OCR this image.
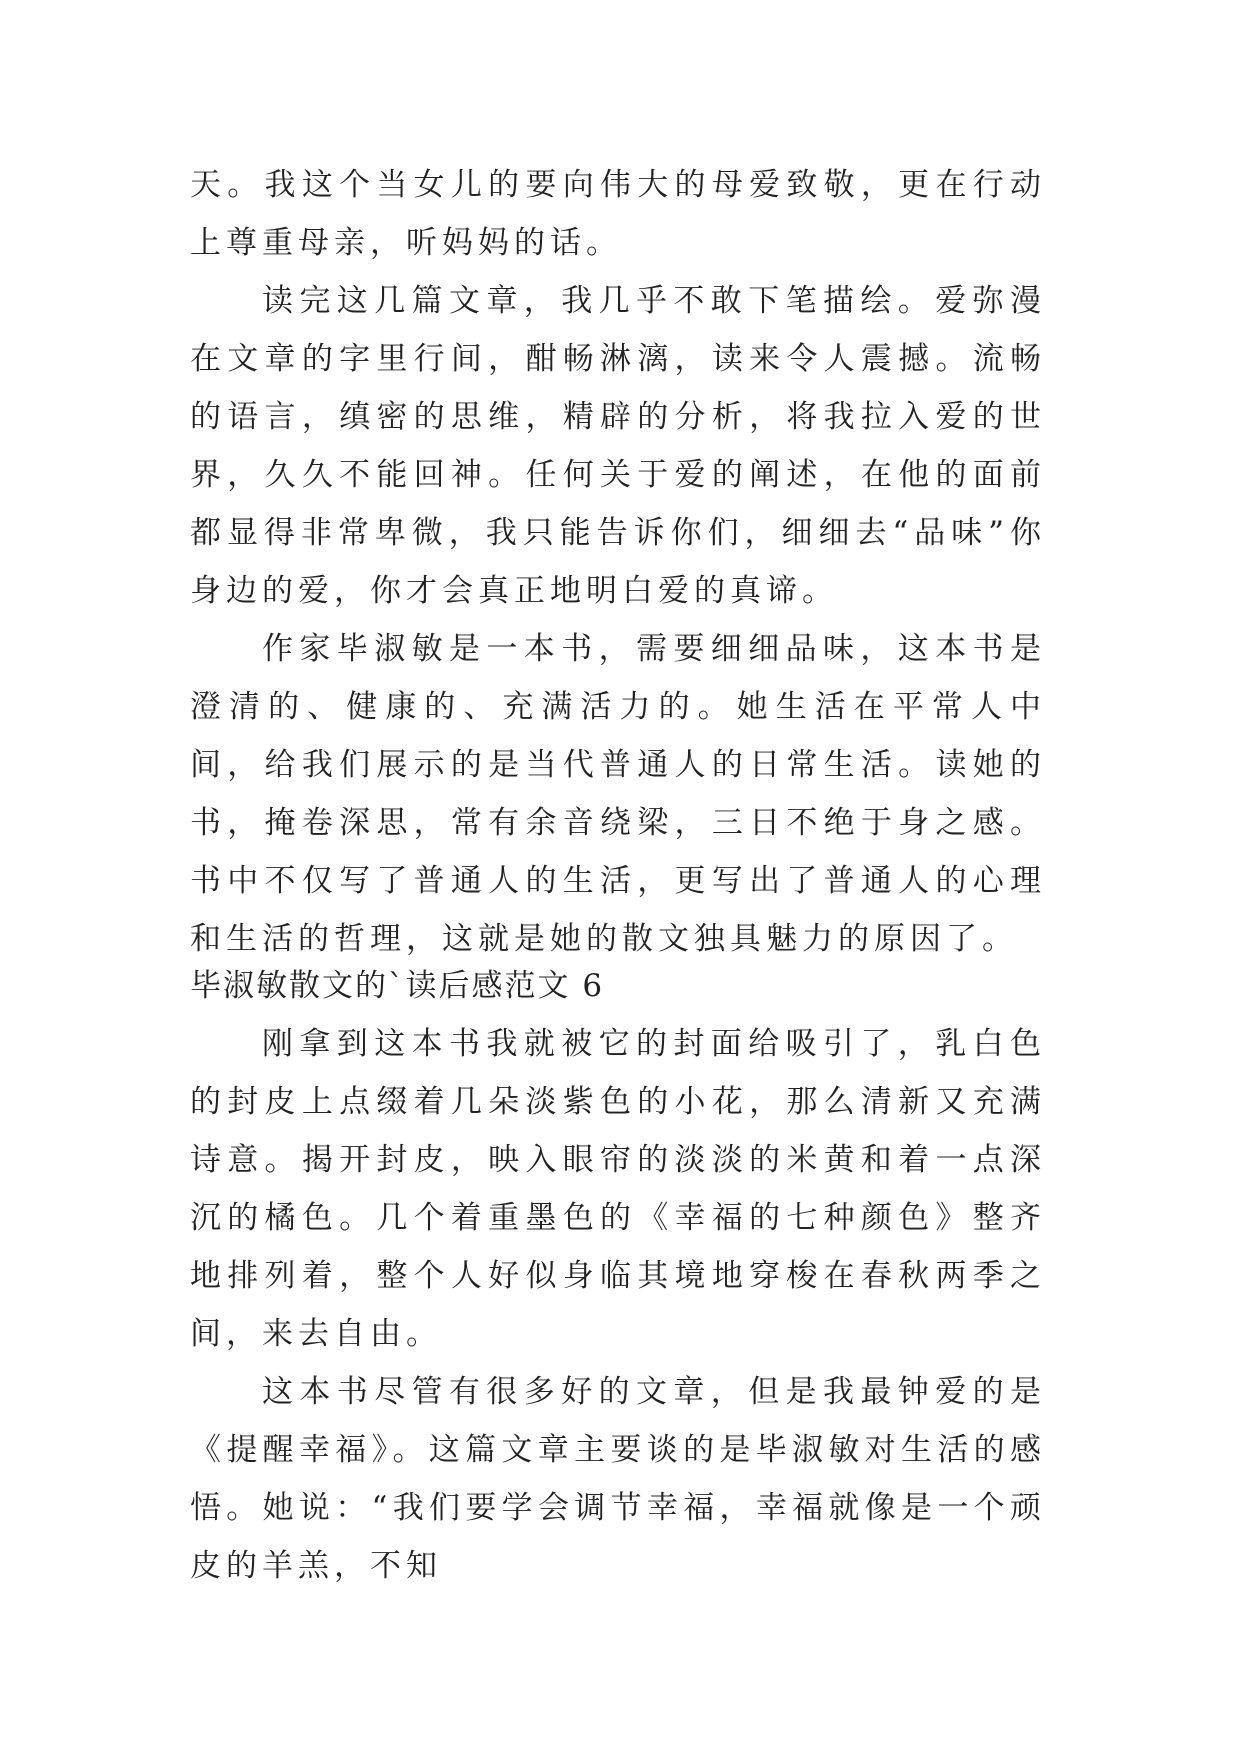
天。我这个当女儿的要向伟大的母爱致敬，更在行动上尊重母亲，听妈妈的话。

读完这几篇文章，我几乎不敢下笔描绘。爱弥漫在文章的字里行间，酣畅淋漓，读来令人震撼。流畅的语言，缜密的思维，精辟的分析，将我拉入爱的世界，久久不能回神。任何关于爱的阐述，在他的面前都显得非常卑微，我只能告诉你们，细细去“品味”你身边的爱，你才会真正地明白爱的真谛。

作家毕淑敏是一本书，需要细细品味，这本书是澄清的、健康的、充满活力的。她生活在平常人中间，给我们展示的是当代普通人的日常生活。读她的书，掩卷深思，常有余音绕梁，三日不绝于身之感。书中不仅写了普通人的生活，更写出了普通人的心理和生活的哲理，这就是她的散文独具魅力的原因了。

毕淑敏散文的`读后感范文 6

刚拿到这本书我就被它的封面给吸引了，乳白色的封皮上点缀着几朵淡紫色的小花，那么清新又充满诗意。揭开封皮，映入眼帘的淡淡的米黄和着一点深沉的橘色。几个着重墨色的《幸福的七种颜色》整齐地排列着，整个人好似身临其境地穿梭在春秋两季之间，来去自由。

这本书尽管有很多好的文章，但是我最钟爱的是《提醒幸福》。这篇文章主要谈的是毕淑敏对生活的感悟。她说：“我们要学会调节幸福，幸福就像是一个顽皮的羊羔，不知
